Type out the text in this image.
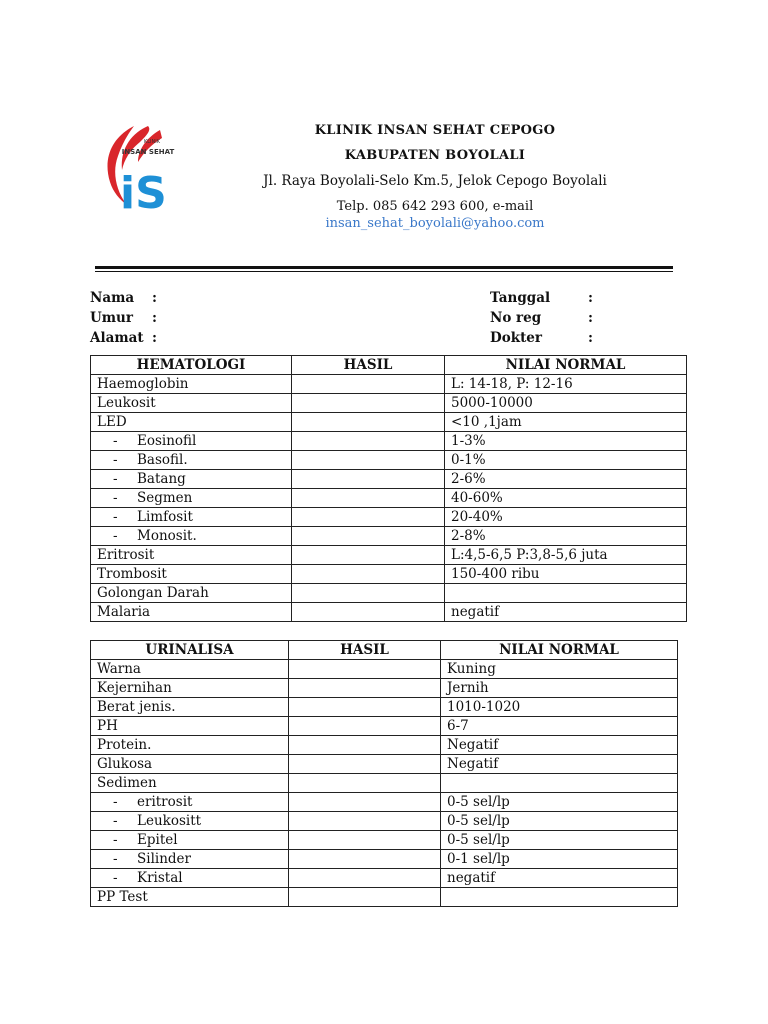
KLINIK
INSAN SEHAT
iS
KLINIK INSAN SEHAT CEPOGO
KABUPATEN BOYOLALI
Jl. Raya Boyolali-Selo Km.5, Jelok Cepogo Boyolali
Telp. 085 642 293 600, e-mail
insan_sehat_boyolali@yahoo.com
Nama :
Umur :
Alamat :
Tanggal	:
No reg	:
Dokter	:
HEMATOLOGI	HASIL	NILAI NORMAL
Haemoglobin		L: 14-18, P: 12-16
Leukosit		5000-10000
LED		<10 ,1jam
- Eosinofil		1-3%
- Basofil.		0-1%
- Batang		2-6%
- Segmen		40-60%
- Limfosit		20-40%
- Monosit.		2-8%
Eritrosit		L:4,5-6,5 P:3,8-5,6 juta
Trombosit		150-400 ribu
Golongan Darah		
Malaria		negatif
URINALISA	HASIL	NILAI NORMAL
Warna		Kuning
Kejernihan		Jernih
Berat jenis.		1010-1020
PH		6-7
Protein.		Negatif
Glukosa		Negatif
Sedimen		
- eritrosit		0-5 sel/lp
- Leukositt		0-5 sel/lp
- Epitel		0-5 sel/lp
- Silinder		0-1 sel/lp
- Kristal		negatif
PP Test		
